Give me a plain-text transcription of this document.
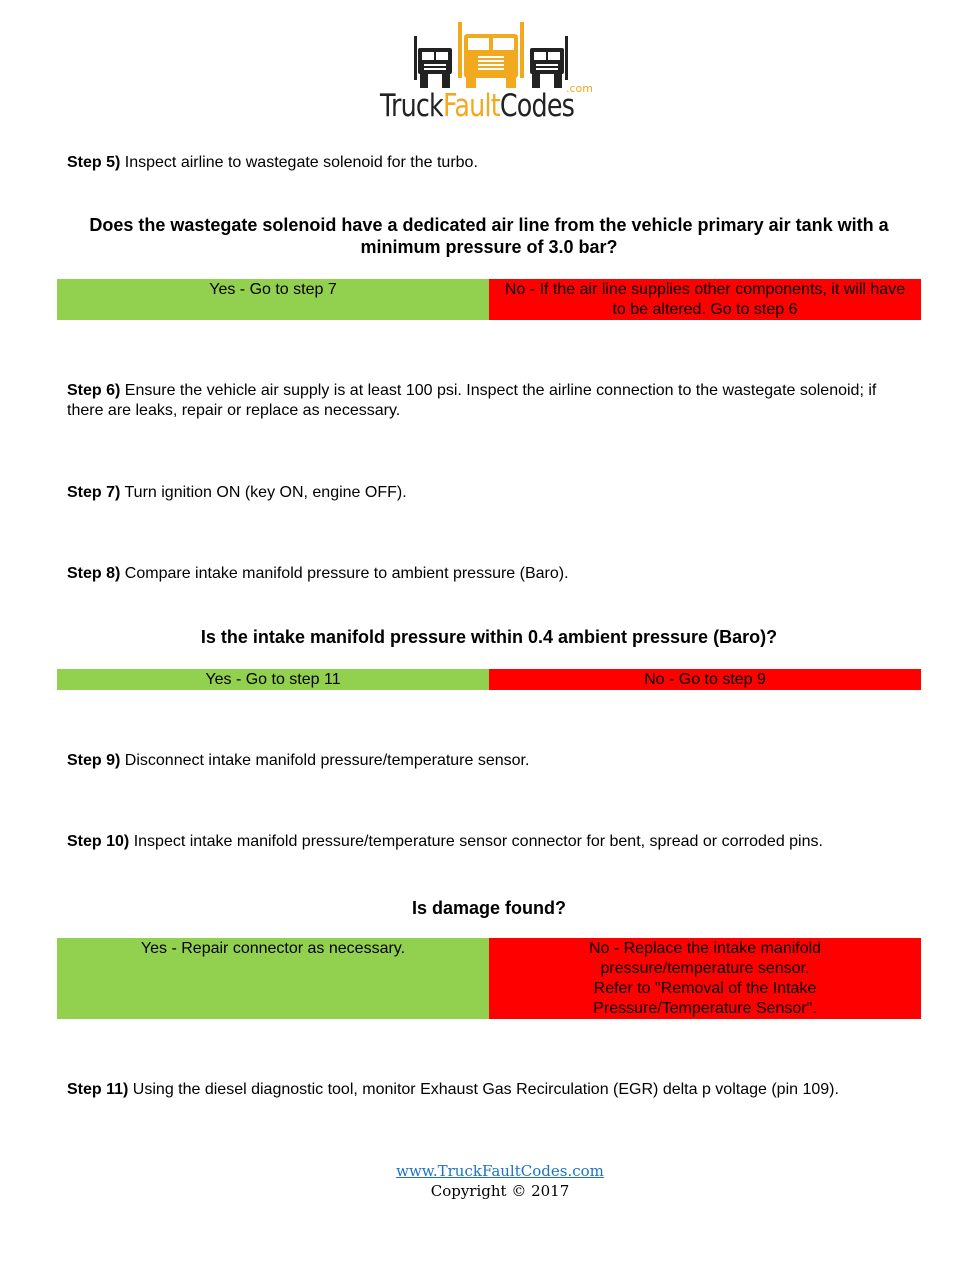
.com
TruckFaultCodes
Step 5) Inspect airline to wastegate solenoid for the turbo.
Does the wastegate solenoid have a dedicated air line from the vehicle primary air tank with a minimum pressure of 3.0 bar?
Yes - Go to step 7	No - If the air line supplies other components, it will have to be altered. Go to step 6
Step 6) Ensure the vehicle air supply is at least 100 psi. Inspect the airline connection to the wastegate solenoid; if there are leaks, repair or replace as necessary.
Step 7) Turn ignition ON (key ON, engine OFF).
Step 8) Compare intake manifold pressure to ambient pressure (Baro).
Is the intake manifold pressure within 0.4 ambient pressure (Baro)?
Yes - Go to step 11	No - Go to step 9
Step 9) Disconnect intake manifold pressure/temperature sensor.
Step 10) Inspect intake manifold pressure/temperature sensor connector for bent, spread or corroded pins.
Is damage found?
Yes - Repair connector as necessary.	No - Replace the intake manifold pressure/temperature sensor.
Refer to "Removal of the Intake Pressure/Temperature Sensor".
Step 11) Using the diesel diagnostic tool, monitor Exhaust Gas Recirculation (EGR) delta p voltage (pin 109).
www.TruckFaultCodes.com
Copyright © 2017
